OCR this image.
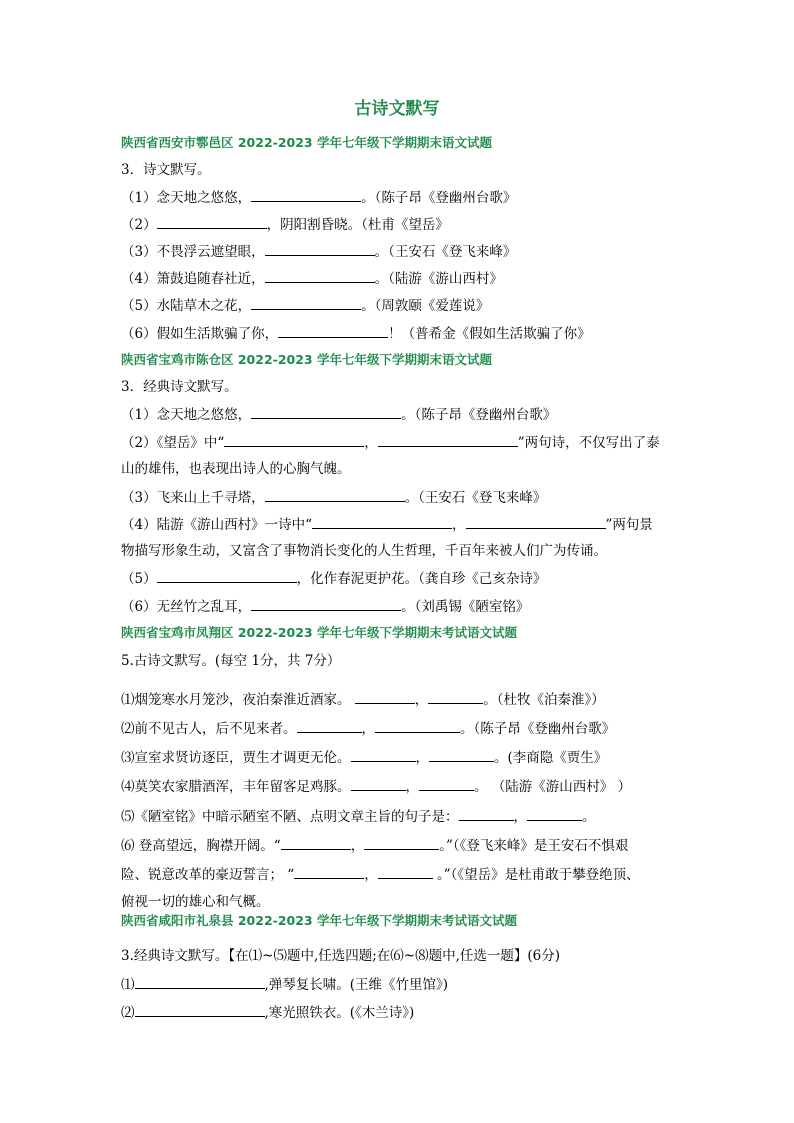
古诗文默写
陕西省西安市鄠邑区 2022-2023 学年七年级下学期期末语文试题
3．诗文默写。
（1）念天地之悠悠，	。（陈子昂《登幽州台歌》
（2）	，阴阳割昏晓。（杜甫《望岳》
（3）不畏浮云遮望眼，	。（王安石《登飞来峰》
（4）箫鼓追随春社近，	。（陆游《游山西村》
（5）水陆草木之花，	。（周敦颐《爱莲说》
（6）假如生活欺骗了你，	！（普希金《假如生活欺骗了你》
陕西省宝鸡市陈仓区 2022-2023 学年七年级下学期期末语文试题
3．经典诗文默写。
（1）念天地之悠悠，	。（陈子昂《登幽州台歌》
（2）《望岳》中“	，	”两句诗，不仅写出了泰
山的雄伟，也表现出诗人的心胸气魄。
（3）飞来山上千寻塔，	。（王安石《登飞来峰》
（4）陆游《游山西村》一诗中“	，	”两句景
物描写形象生动，又富含了事物消长变化的人生哲理，千百年来被人们广为传诵。
（5）	，化作春泥更护花。（龚自珍《己亥杂诗》
（6）无丝竹之乱耳，	。（刘禹锡《陋室铭》
陕西省宝鸡市凤翔区 2022-2023 学年七年级下学期期末考试语文试题
5.古诗文默写。(每空 1分，共 7分）
⑴烟笼寒水月笼沙，夜泊秦淮近酒家。	，	。（杜牧《泊秦淮》）
⑵前不见古人，后不见来者。	，	。（陈子昂《登幽州台歌》
⑶宣室求贤访逐臣，贾生才调更无伦。	，	。(李商隐《贾生》
⑷莫笑农家腊酒浑，丰年留客足鸡豚。	，	。 （陆游《游山西村》 ）
⑸《陋室铭》中暗示陋室不陋、点明文章主旨的句子是：	，	。
⑹ 登高望远，胸襟开阔。“	，	。”（《登飞来峰》是王安石不惧艰
险、锐意改革的豪迈誓言； “	，	。”（《望岳》是杜甫敢于攀登绝顶、
俯视一切的雄心和气概。
陕西省咸阳市礼泉县 2022-2023 学年七年级下学期期末考试语文试题
3.经典诗文默写。【在⑴~⑸题中,任选四题;在⑹~⑻题中,任选一题】(6分)
⑴	,弹琴复长啸。(王维《竹里馆》)
⑵	,寒光照铁衣。(《木兰诗》)
